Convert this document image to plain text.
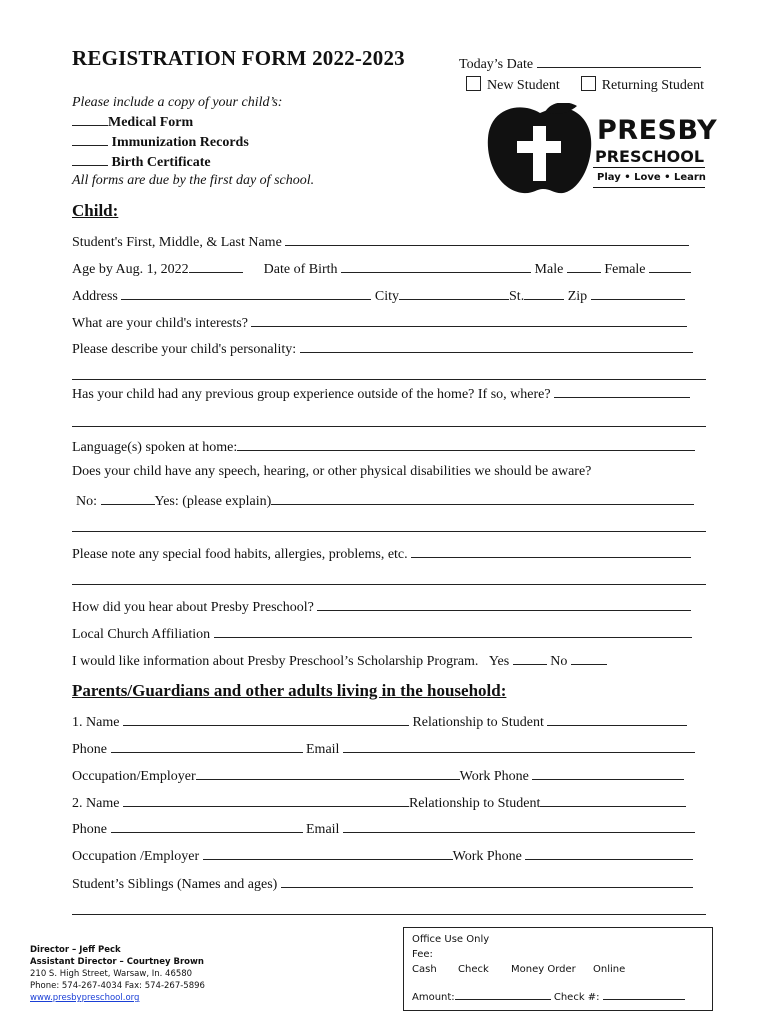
REGISTRATION FORM 2022-2023	Today’s Date
New Student	Returning Student
Please include a copy of your child’s:
Medical Form
Immunization Records
Birth Certificate
All forms are due by the first day of school.
PRESBY
PRESCHOOL
Play • Love • Learn
Child:
Student's First, Middle, & Last Name
Age by Aug. 1, 2022	Date of Birth	Male	Female
Address	City	St.	Zip
What are your child's interests?
Please describe your child's personality:
Has your child had any previous group experience outside of the home? If so, where?
Language(s) spoken at home:
Does your child have any speech, hearing, or other physical disabilities we should be aware?
No:	Yes: (please explain)
Please note any special food habits, allergies, problems, etc.
How did you hear about Presby Preschool?
Local Church Affiliation
I would like information about Presby Preschool’s Scholarship Program. Yes	No
Parents/Guardians and other adults living in the household:
1. Name	Relationship to Student
Phone	Email
Occupation/Employer	Work Phone
2. Name	Relationship to Student
Phone	Email
Occupation /Employer	Work Phone
Student’s Siblings (Names and ages)
Director – Jeff Peck
Assistant Director – Courtney Brown
210 S. High Street, Warsaw, In. 46580
Phone: 574-267-4034 Fax: 574-267-5896
www.presbypreschool.org
Office Use Only
Fee:
Cash Check Money Order Online
Amount:	Check #:
